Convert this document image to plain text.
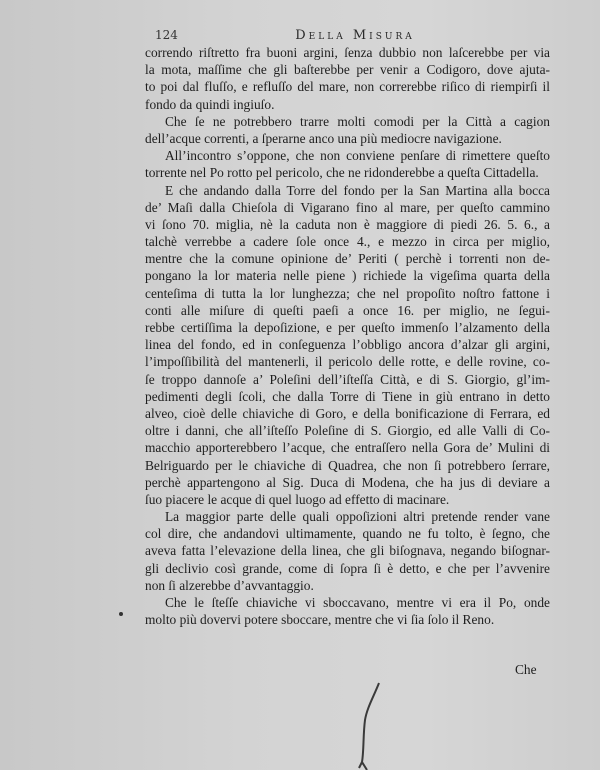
124	Della Misura
correndo riſtretto fra buoni argini, ſenza dubbio non laſcerebbe per via
la mota, maſſime che gli baſterebbe per venir a Codigoro, dove ajuta-
to poi dal fluſſo, e refluſſo del mare, non correrebbe riſico di riempirſi il
fondo da quindi ingiuſo.
Che ſe ne potrebbero trarre molti comodi per la Città a cagion
dell’acque correnti, a ſperarne anco una più mediocre navigazione.
All’incontro s’oppone, che non conviene penſare di rimettere queſto
torrente nel Po rotto pel pericolo, che ne ridonderebbe a queſta Cittadella.
E che andando dalla Torre del fondo per la San Martina alla bocca
de’ Maſi dalla Chieſola di Vigarano fino al mare, per queſto cammino
vi ſono 70. miglia, nè la caduta non è maggiore di piedi 26. 5. 6., a
talchè verrebbe a cadere ſole once 4., e mezzo in circa per miglio,
mentre che la comune opinione de’ Periti ( perchè i torrenti non de-
pongano la lor materia nelle piene ) richiede la vigeſima quarta della
centeſima di tutta la lor lunghezza; che nel propoſito noſtro fattone i
conti alle miſure di queſti paeſi a once 16. per miglio, ne ſegui-
rebbe certiſſima la depoſizione, e per queſto immenſo l’alzamento della
linea del fondo, ed in conſeguenza l’obbligo ancora d’alzar gli argini,
l’impoſſibilità del mantenerli, il pericolo delle rotte, e delle rovine, co-
ſe troppo dannoſe a’ Poleſini dell’iſteſſa Città, e di S. Giorgio, gl’im-
pedimenti degli ſcoli, che dalla Torre di Tiene in giù entrano in detto
alveo, cioè delle chiaviche di Goro, e della bonificazione di Ferrara, ed
oltre i danni, che all’iſteſſo Poleſine di S. Giorgio, ed alle Valli di Co-
macchio apporterebbero l’acque, che entraſſero nella Gora de’ Mulini di
Belriguardo per le chiaviche di Quadrea, che non ſi potrebbero ſerrare,
perchè appartengono al Sig. Duca di Modena, che ha jus di deviare a
ſuo piacere le acque di quel luogo ad effetto di macinare.
La maggior parte delle quali oppoſizioni altri pretende render vane
col dire, che andandovi ultimamente, quando ne fu tolto, è ſegno, che
aveva fatta l’elevazione della linea, che gli biſognava, negando biſognar-
gli declivio così grande, come di ſopra ſi è detto, e che per l’avvenire
non ſi alzerebbe d’avvantaggio.
Che le ſteſſe chiaviche vi sboccavano, mentre vi era il Po, onde
molto più dovervi potere sboccare, mentre che vi ſia ſolo il Reno.
Che
